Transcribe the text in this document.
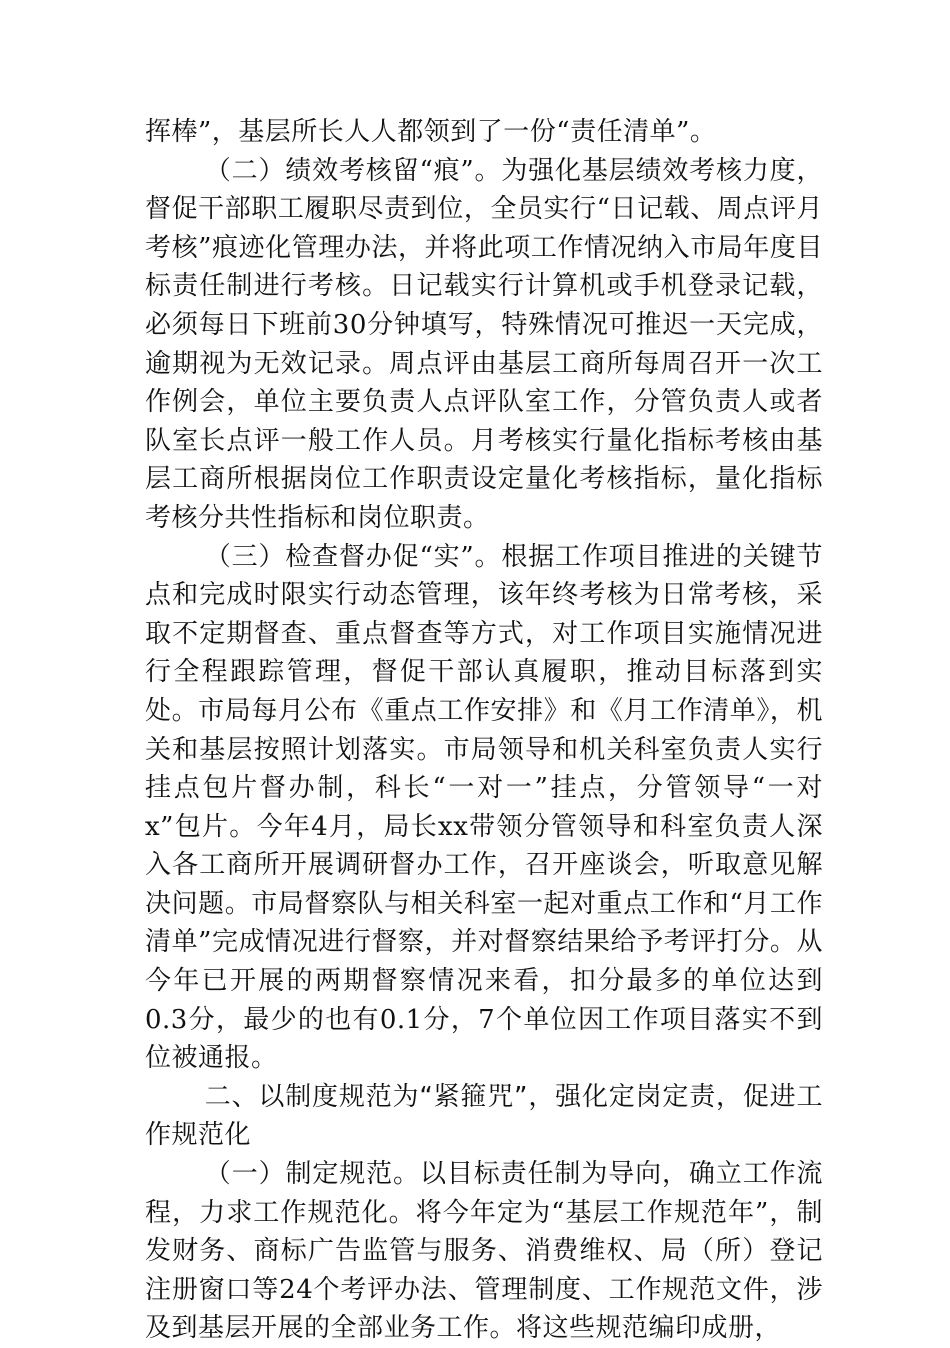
挥棒”，基层所长人人都领到了一份“责任清单”。

（二）绩效考核留“痕”。为强化基层绩效考核力度，督促干部职工履职尽责到位，全员实行“日记载、周点评月考核”痕迹化管理办法，并将此项工作情况纳入市局年度目标责任制进行考核。日记载实行计算机或手机登录记载，必须每日下班前30分钟填写，特殊情况可推迟一天完成，逾期视为无效记录。周点评由基层工商所每周召开一次工作例会，单位主要负责人点评队室工作，分管负责人或者队室长点评一般工作人员。月考核实行量化指标考核由基层工商所根据岗位工作职责设定量化考核指标，量化指标考核分共性指标和岗位职责。

（三）检查督办促“实”。根据工作项目推进的关键节点和完成时限实行动态管理，该年终考核为日常考核，采取不定期督查、重点督查等方式，对工作项目实施情况进行全程跟踪管理，督促干部认真履职，推动目标落到实处。市局每月公布《重点工作安排》和《月工作清单》，机关和基层按照计划落实。市局领导和机关科室负责人实行挂点包片督办制，科长“一对一”挂点，分管领导“一对x”包片。今年4月，局长xx带领分管领导和科室负责人深入各工商所开展调研督办工作，召开座谈会，听取意见解决问题。市局督察队与相关科室一起对重点工作和“月工作清单”完成情况进行督察，并对督察结果给予考评打分。从今年已开展的两期督察情况来看，扣分最多的单位达到0.3分，最少的也有0.1分，7个单位因工作项目落实不到位被通报。

二、以制度规范为“紧箍咒”，强化定岗定责，促进工作规范化

（一）制定规范。以目标责任制为导向，确立工作流程，力求工作规范化。将今年定为“基层工作规范年”，制发财务、商标广告监管与服务、消费维权、局（所）登记注册窗口等24个考评办法、管理制度、工作规范文件，涉及到基层开展的全部业务工作。将这些规范编印成册，
